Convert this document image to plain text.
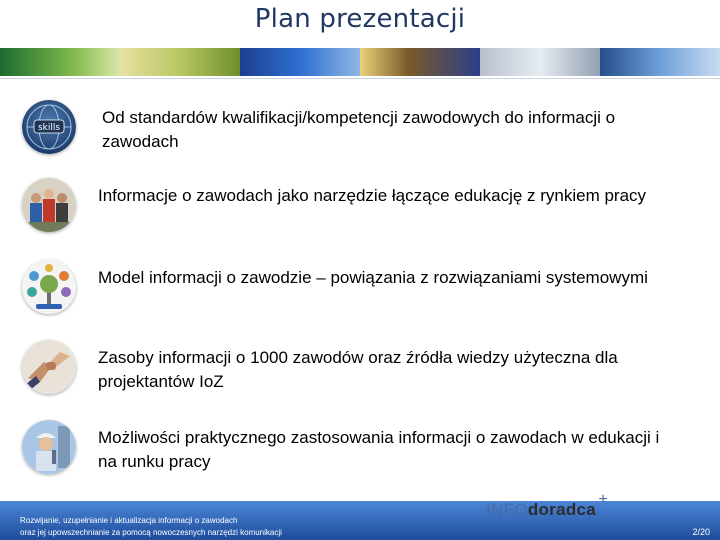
Plan prezentacji
skills
Od standardów kwalifikacji/kompetencji zawodowych do informacji o zawodach
Informacje o zawodach jako narzędzie łączące edukację z rynkiem pracy
Model informacji o zawodzie – powiązania z rozwiązaniami systemowymi
Zasoby informacji o 1000 zawodów oraz źródła wiedzy użyteczna dla projektantów IoZ
Możliwości praktycznego zastosowania informacji o zawodach w edukacji i na runku pracy
Rozwijanie, uzupełnianie i aktualizacja informacji o zawodach
oraz jej upowszechnianie za pomocą nowoczesnych narzędzi komunikacji	2/20
INFOdoradca
+
